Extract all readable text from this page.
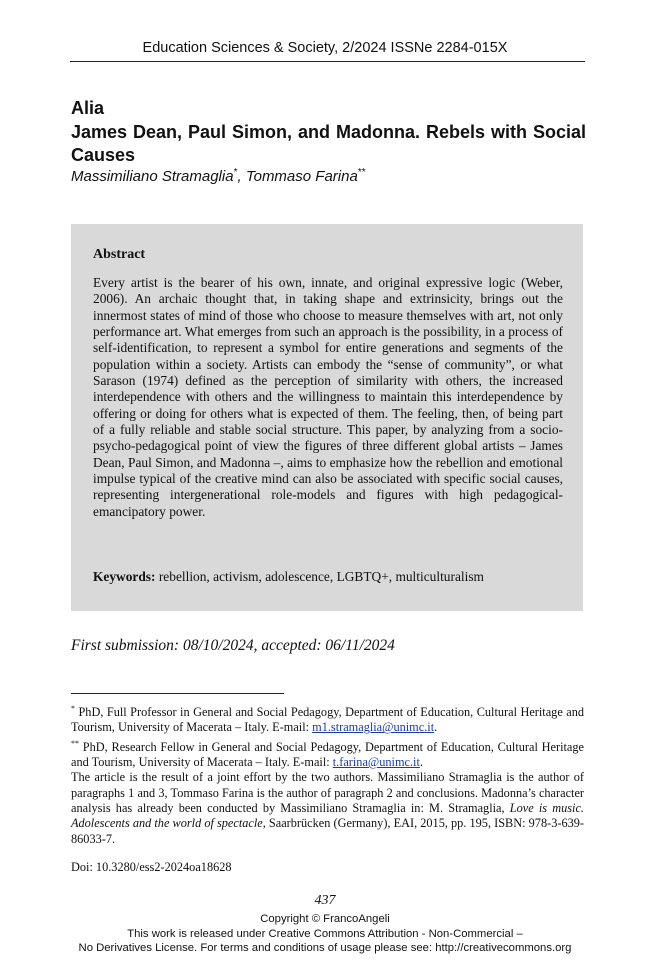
Education Sciences & Society, 2/2024 ISSNe 2284-015X
Alia
James Dean, Paul Simon, and Madonna. Rebels with Social Causes
Massimiliano Stramaglia*, Tommaso Farina**
Abstract
Every artist is the bearer of his own, innate, and original expressive logic (Weber, 2006). An archaic thought that, in taking shape and extrinsicity, brings out the innermost states of mind of those who choose to measure themselves with art, not only performance art. What emerges from such an approach is the possibility, in a process of self-identification, to represent a symbol for entire generations and segments of the population within a society. Artists can embody the “sense of community”, or what Sarason (1974) defined as the perception of similarity with others, the increased interdependence with others and the willingness to maintain this interdependence by offering or doing for others what is expected of them. The feeling, then, of being part of a fully reliable and stable social structure. This paper, by analyzing from a socio-psycho-pedagogical point of view the figures of three different global artists – James Dean, Paul Simon, and Madonna –, aims to emphasize how the rebellion and emotional impulse typical of the creative mind can also be associated with specific social causes, representing intergenerational role-models and figures with high pedagogical-emancipatory power.
Keywords: rebellion, activism, adolescence, LGBTQ+, multiculturalism
First submission: 08/10/2024, accepted: 06/11/2024
* PhD, Full Professor in General and Social Pedagogy, Department of Education, Cultural Heritage and Tourism, University of Macerata – Italy. E-mail: m1.stramaglia@unimc.it.
** PhD, Research Fellow in General and Social Pedagogy, Department of Education, Cultural Heritage and Tourism, University of Macerata – Italy. E-mail: t.farina@unimc.it.
The article is the result of a joint effort by the two authors. Massimiliano Stramaglia is the author of paragraphs 1 and 3, Tommaso Farina is the author of paragraph 2 and conclusions. Madonna’s character analysis has already been conducted by Massimiliano Stramaglia in: M. Stramaglia, Love is music. Adolescents and the world of spectacle, Saarbrücken (Germany), EAI, 2015, pp. 195, ISBN: 978-3-639-86033-7.
Doi: 10.3280/ess2-2024oa18628
437
Copyright © FrancoAngeli
This work is released under Creative Commons Attribution - Non-Commercial –
No Derivatives License. For terms and conditions of usage please see: http://creativecommons.org
